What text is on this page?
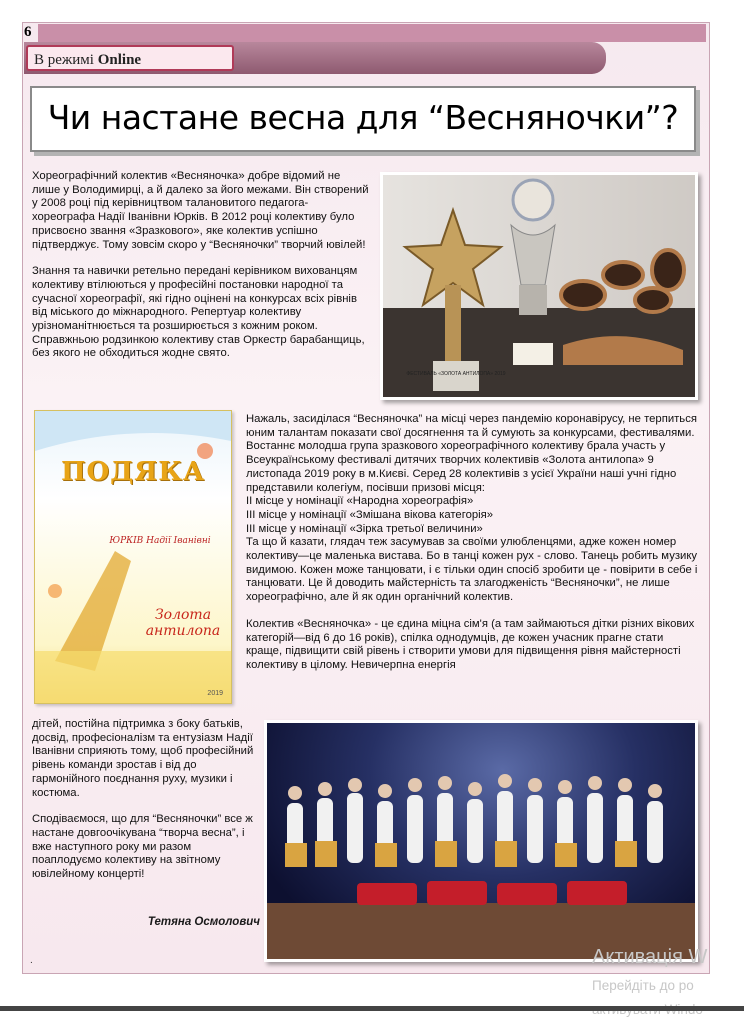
6
В режимі Online
Чи настане весна для “Весняночки”?

Хореографічний колектив «Весняночка» добре відомий не лише у Володимирці, а й далеко за його межами. Він створений у 2008 році під керівництвом талановитого педагога-хореографа Надії Іванівни Юрків. В 2012 році колективу було присвоєно звання «Зразкового», яке колектив успішно підтверджує. Тому зовсім скоро у “Весняночки” творчий ювілей!

Знання та навички ретельно передані керівником вихованцям колективу втілюються у професійні постановки народної та сучасної хореографії, які гідно оцінені на конкурсах всіх рівнів від міського до міжнародного. Репертуар колективу урізноманітнюється та розширюється з кожним роком. Справжньою родзинкою колективу став Оркестр барабанщиць, без якого не обходиться жодне свято.

ФЕСТИВАЛЬ «ЗОЛОТА АНТИЛОПА» 2019
ПОДЯКА
ЮРКІВ Надії Іванівні
Золота антилопа
2019
Нажаль, засиділася “Весняночка” на місці через пандемію коронавірусу, не терпиться юним талантам показати свої досягнення та й сумують за конкурсами, фестивалями. Востаннє молодша група зразкового хореографічного колективу брала участь у Всеукраїнському фестивалі дитячих творчих колективів «Золота антилопа» 9 листопада 2019 року в м.Києві. Серед 28 колективів з усієї України наші учні гідно представили колегіум, посівши призові місця:
ІІ місце у номінації «Народна хореографія»
ІІІ місце у номінації «Змішана вікова категорія»
ІІІ місце у номінації «Зірка третьої величини»
Та що й казати, глядач теж засумував за своїми улюбленцями, адже кожен номер колективу—це маленька вистава. Бо в танці кожен рух - слово. Танець робить музику видимою. Кожен може танцювати, і є тільки один спосіб зробити це - повірити в себе і танцювати. Це й доводить майстерність та злагодженість “Весняночки”, не лише хореографічно, але й як один органічний колектив.
Колектив «Весняночка» - це єдина міцна сім'я (а там займаються дітки різних вікових категорій—від 6 до 16 років), спілка однодумців, де кожен учасник прагне стати краще, підвищити свій рівень і створити умови для підвищення рівня майстерності колективу в цілому. Невичерпна енергія

дітей, постійна підтримка з боку батьків, досвід, професіоналізм та ентузіазм Надії Іванівни сприяють тому, щоб професійний рівень команди зростав і від до гармонійного поєднання руху, музики і костюма.

Сподіваємося, що для “Весняночки” все ж настане довгоочікувана “творча весна”, і вже наступного року ми разом поаплодуємо колективу на звітному ювілейному концерті!

Тетяна Осмолович
.	Активація W
Перейдіть до ро
